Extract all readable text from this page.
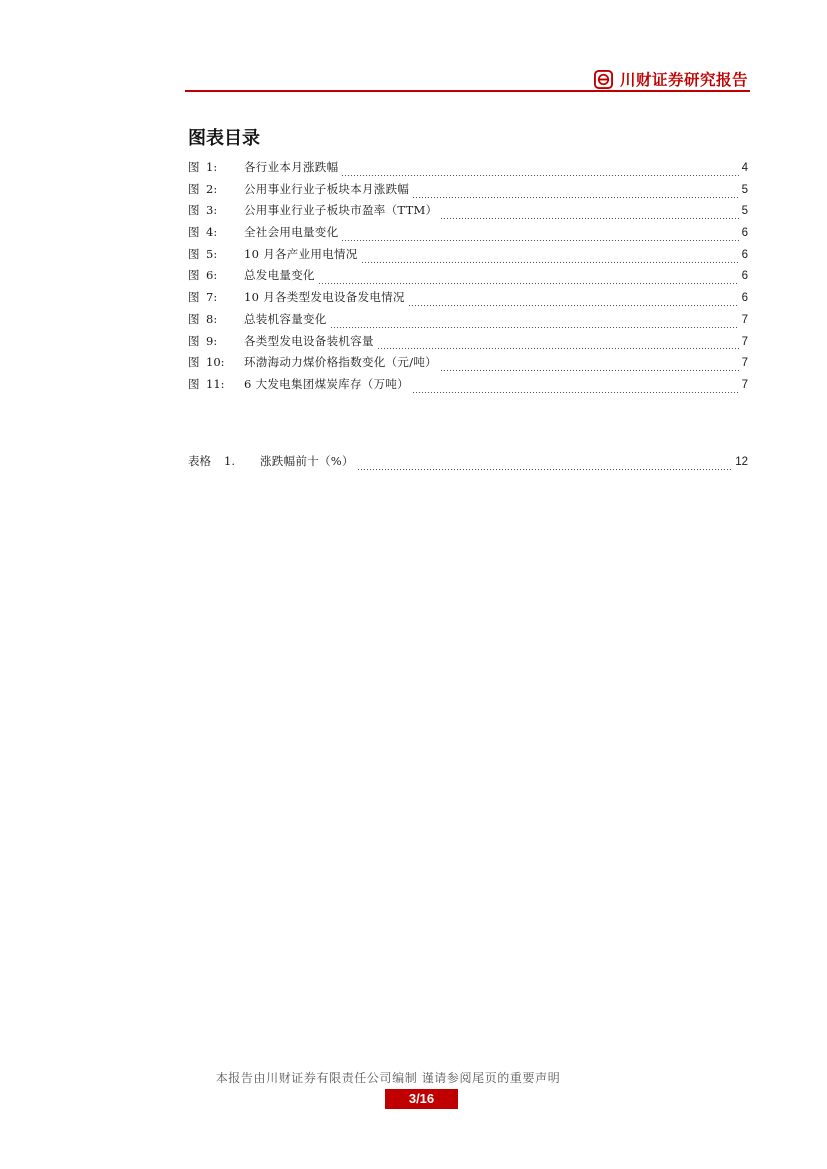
川财证券研究报告
图表目录
图 1: 各行业本月涨跌幅	4
图 2: 公用事业行业子板块本月涨跌幅	5
图 3: 公用事业行业子板块市盈率（TTM）	5
图 4: 全社会用电量变化	6
图 5: 10 月各产业用电情况	6
图 6: 总发电量变化	6
图 7: 10 月各类型发电设备发电情况	6
图 8: 总装机容量变化	7
图 9: 各类型发电设备装机容量	7
图 10: 环渤海动力煤价格指数变化（元/吨）	7
图 11: 6 大发电集团煤炭库存（万吨）	7
表格	1. 涨跌幅前十（%）	12
本报告由川财证券有限责任公司编制 谨请参阅尾页的重要声明
3/16
